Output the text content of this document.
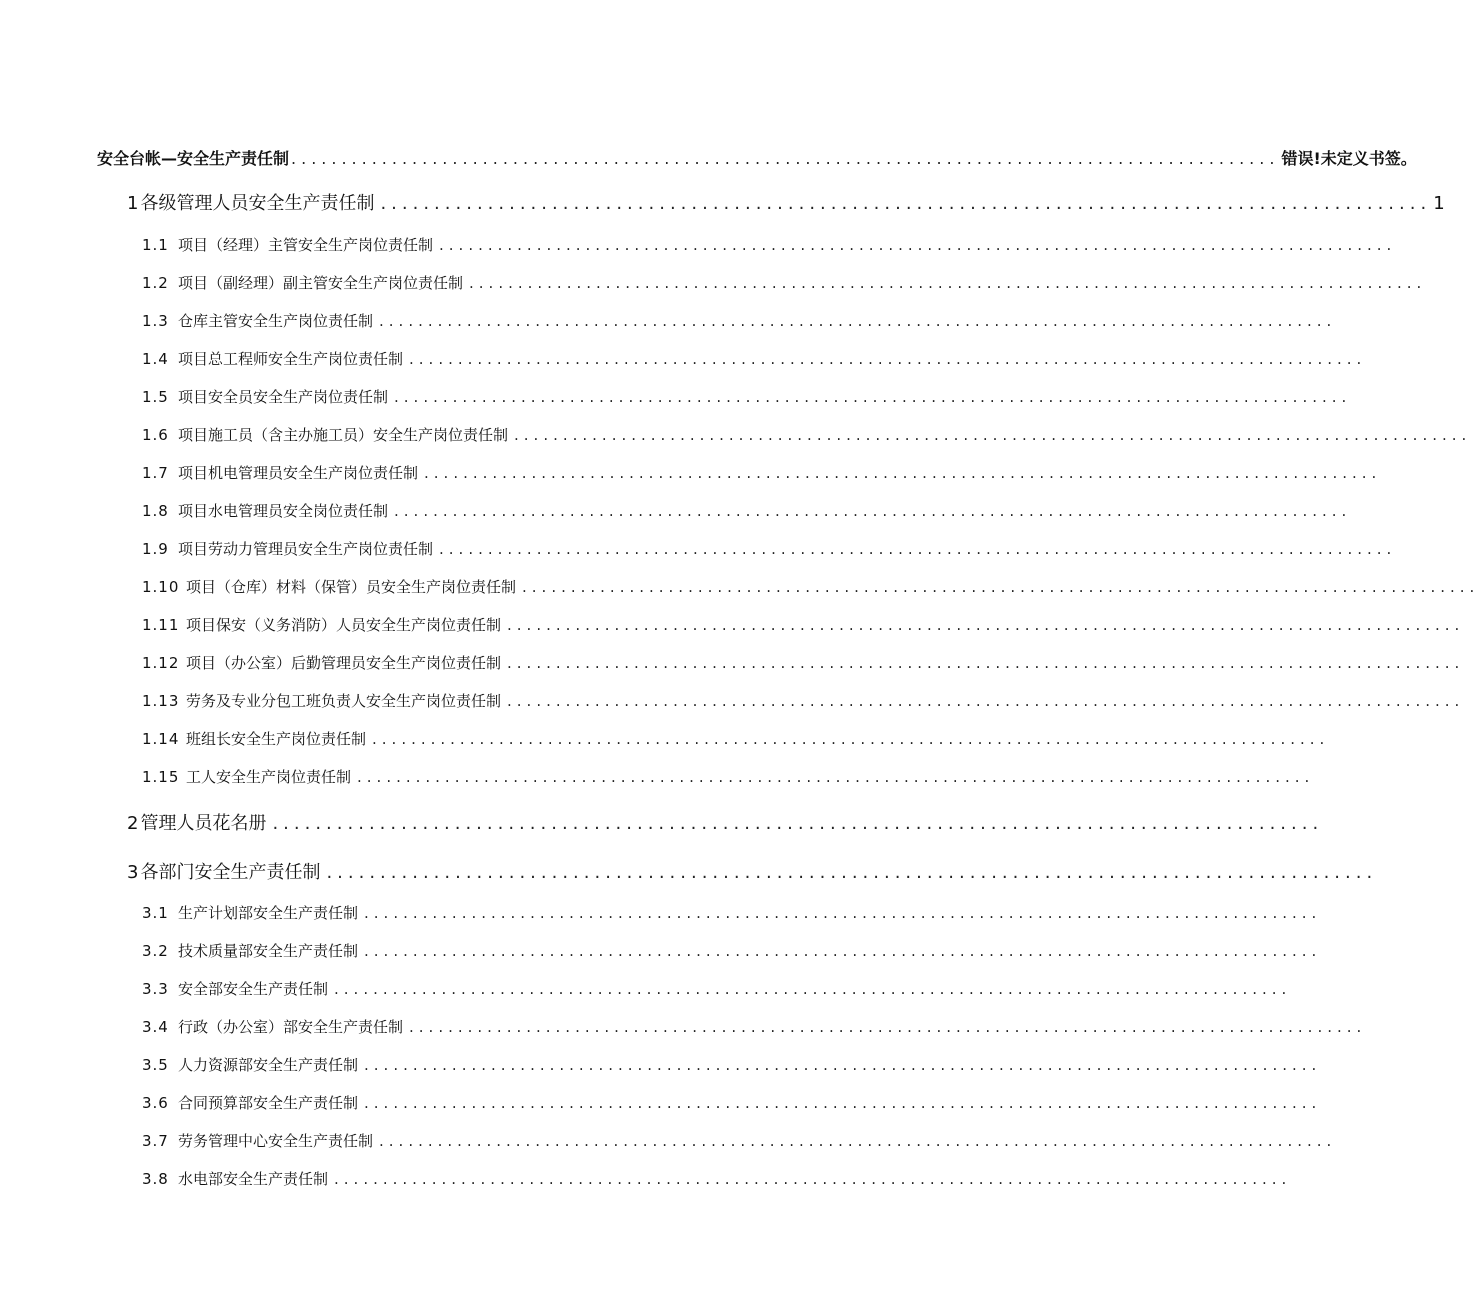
安全台帐—安全生产责任制 .................................................................................................. 错误!未定义书签。
1 各级管理人员安全生产责任制 .................................................................................................. 1
1.1 项目（经理）主管安全生产岗位责任制 ..................................................................................................
1.2 项目（副经理）副主管安全生产岗位责任制 ..................................................................................................
1.3 仓库主管安全生产岗位责任制 ..................................................................................................
1.4 项目总工程师安全生产岗位责任制 ..................................................................................................
1.5 项目安全员安全生产岗位责任制 ..................................................................................................
1.6 项目施工员（含主办施工员）安全生产岗位责任制 ..................................................................................................
1.7 项目机电管理员安全生产岗位责任制 ..................................................................................................
1.8 项目水电管理员安全岗位责任制 ..................................................................................................
1.9 项目劳动力管理员安全生产岗位责任制 ..................................................................................................
1.10 项目（仓库）材料（保管）员安全生产岗位责任制 ..................................................................................................
1.11 项目保安（义务消防）人员安全生产岗位责任制 ..................................................................................................
1.12 项目（办公室）后勤管理员安全生产岗位责任制 ..................................................................................................
1.13 劳务及专业分包工班负责人安全生产岗位责任制 ..................................................................................................
1.14 班组长安全生产岗位责任制 ..................................................................................................
1.15 工人安全生产岗位责任制 ..................................................................................................
2 管理人员花名册 ..................................................................................................
3 各部门安全生产责任制 ..................................................................................................
3.1 生产计划部安全生产责任制 ..................................................................................................
3.2 技术质量部安全生产责任制 ..................................................................................................
3.3 安全部安全生产责任制 ..................................................................................................
3.4 行政（办公室）部安全生产责任制 ..................................................................................................
3.5 人力资源部安全生产责任制 ..................................................................................................
3.6 合同预算部安全生产责任制 ..................................................................................................
3.7 劳务管理中心安全生产责任制 ..................................................................................................
3.8 水电部安全生产责任制 ..................................................................................................
